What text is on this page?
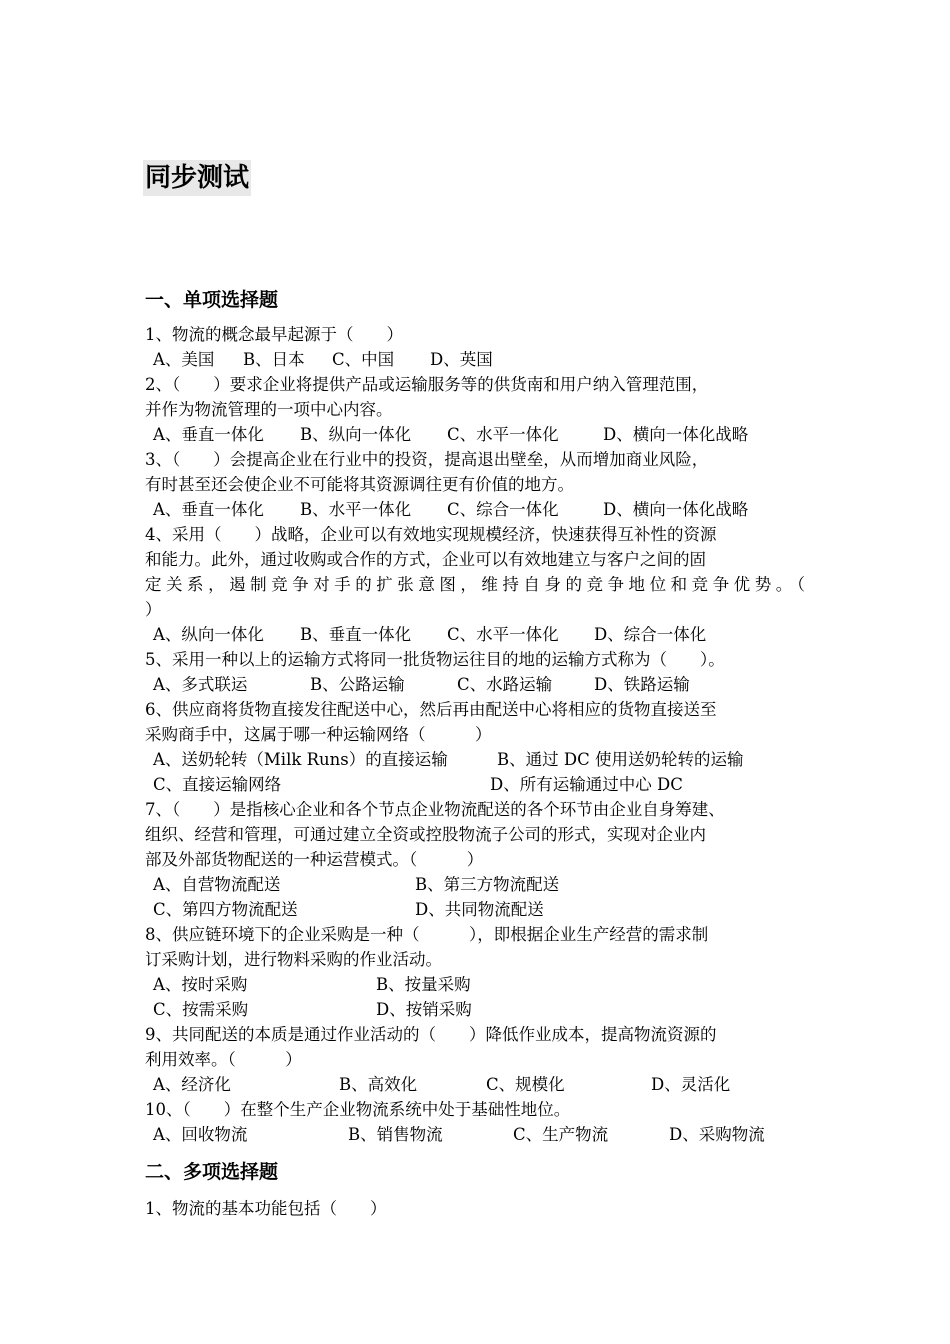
同步测试
一、单项选择题
1、物流的概念最早起源于（　　）
A、美国 B、日本 C、中国 D、英国
2、（　　）要求企业将提供产品或运输服务等的供货南和用户纳入管理范围，
并作为物流管理的一项中心内容。
A、垂直一体化 B、纵向一体化 C、水平一体化	D、横向一体化战略
3、（　　）会提高企业在行业中的投资，提高退出壁垒，从而增加商业风险，
有时甚至还会使企业不可能将其资源调往更有价值的地方。
A、垂直一体化 B、水平一体化 C、综合一体化	D、横向一体化战略
4、采用（　　）战略，企业可以有效地实现规模经济，快速获得互补性的资源
和能力。此外，通过收购或合作的方式，企业可以有效地建立与客户之间的固
定关系，遏制竞争对手的扩张意图，维持自身的竞争地位和竞争优势。（
）
A、纵向一体化 B、垂直一体化 C、水平一体化 D、综合一体化
5、采用一种以上的运输方式将同一批货物运往目的地的运输方式称为（　　）。
A、多式联运	B、公路运输	C、水路运输	D、铁路运输
6、供应商将货物直接发往配送中心，然后再由配送中心将相应的货物直接送至
采购商手中，这属于哪一种运输网络（　　　）
A、送奶轮转（Milk Runs）的直接运输	B、通过 DC 使用送奶轮转的运输
C、直接运输网络	D、所有运输通过中心 DC
7、（　　）是指核心企业和各个节点企业物流配送的各个环节由企业自身筹建、
组织、经营和管理，可通过建立全资或控股物流子公司的形式，实现对企业内
部及外部货物配送的一种运营模式。（　　　）
A、自营物流配送	B、第三方物流配送
C、第四方物流配送	D、共同物流配送
8、供应链环境下的企业采购是一种（　　　），即根据企业生产经营的需求制
订采购计划，进行物料采购的作业活动。
A、按时采购	B、按量采购
C、按需采购	D、按销采购
9、共同配送的本质是通过作业活动的（　　）降低作业成本，提高物流资源的
利用效率。（　　　）
A、经济化	B、高效化	C、规模化	D、灵活化
10、（　　）在整个生产企业物流系统中处于基础性地位。
A、回收物流	B、销售物流	C、生产物流	D、采购物流
二、多项选择题
1、物流的基本功能包括（　　）
